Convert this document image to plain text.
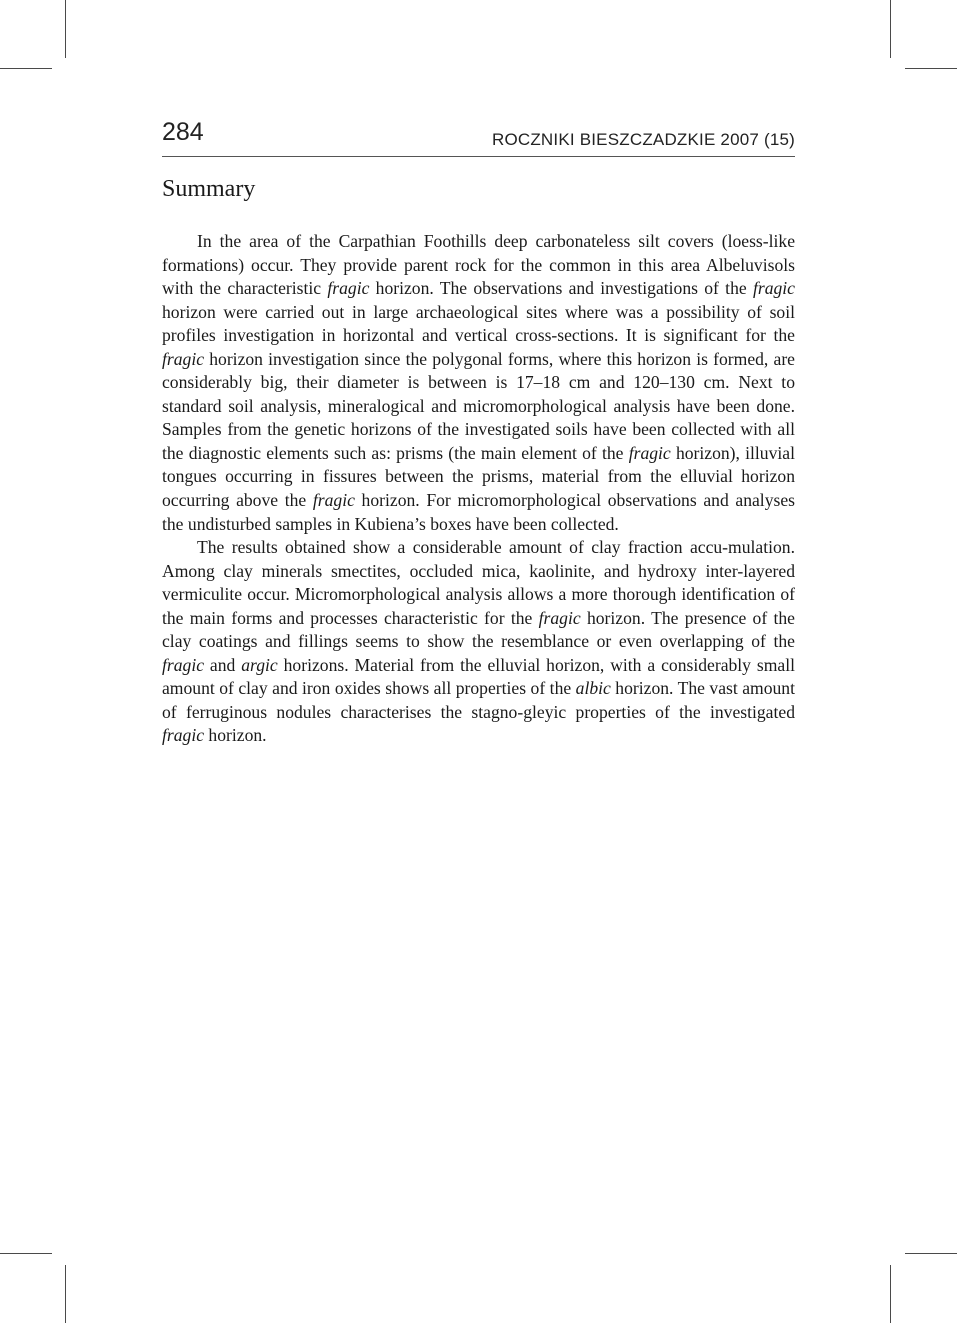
284	ROCZNIKI BIESZCZADZKIE 2007 (15)
Summary

In the area of the Carpathian Foothills deep carbonateless silt covers (loess-like formations) occur. They provide parent rock for the common in this area Albeluvisols with the characteristic fragic horizon. The observations and investigations of the fragic horizon were carried out in large archaeological sites where was a possibility of soil profiles investigation in horizontal and vertical cross-sections. It is significant for the fragic horizon investigation since the polygonal forms, where this horizon is formed, are considerably big, their diameter is between is 17–18 cm and 120–130 cm. Next to standard soil analysis, mineralogical and micromorphological analysis have been done. Samples from the genetic horizons of the investigated soils have been collected with all the diagnostic elements such as: prisms (the main element of the fragic horizon), illuvial tongues occurring in fissures between the prisms, material from the elluvial horizon occurring above the fragic horizon. For micromorphological observations and analyses the undisturbed samples in Kubiena’s boxes have been collected.

The results obtained show a considerable amount of clay fraction accu-mulation. Among clay minerals smectites, occluded mica, kaolinite, and hydroxy inter-layered vermiculite occur. Micromorphological analysis allows a more thorough identification of the main forms and processes characteristic for the fragic horizon. The presence of the clay coatings and fillings seems to show the resemblance or even overlapping of the fragic and argic horizons. Material from the elluvial horizon, with a considerably small amount of clay and iron oxides shows all properties of the albic horizon. The vast amount of ferruginous nodules characterises the stagno-gleyic properties of the investigated fragic horizon.
